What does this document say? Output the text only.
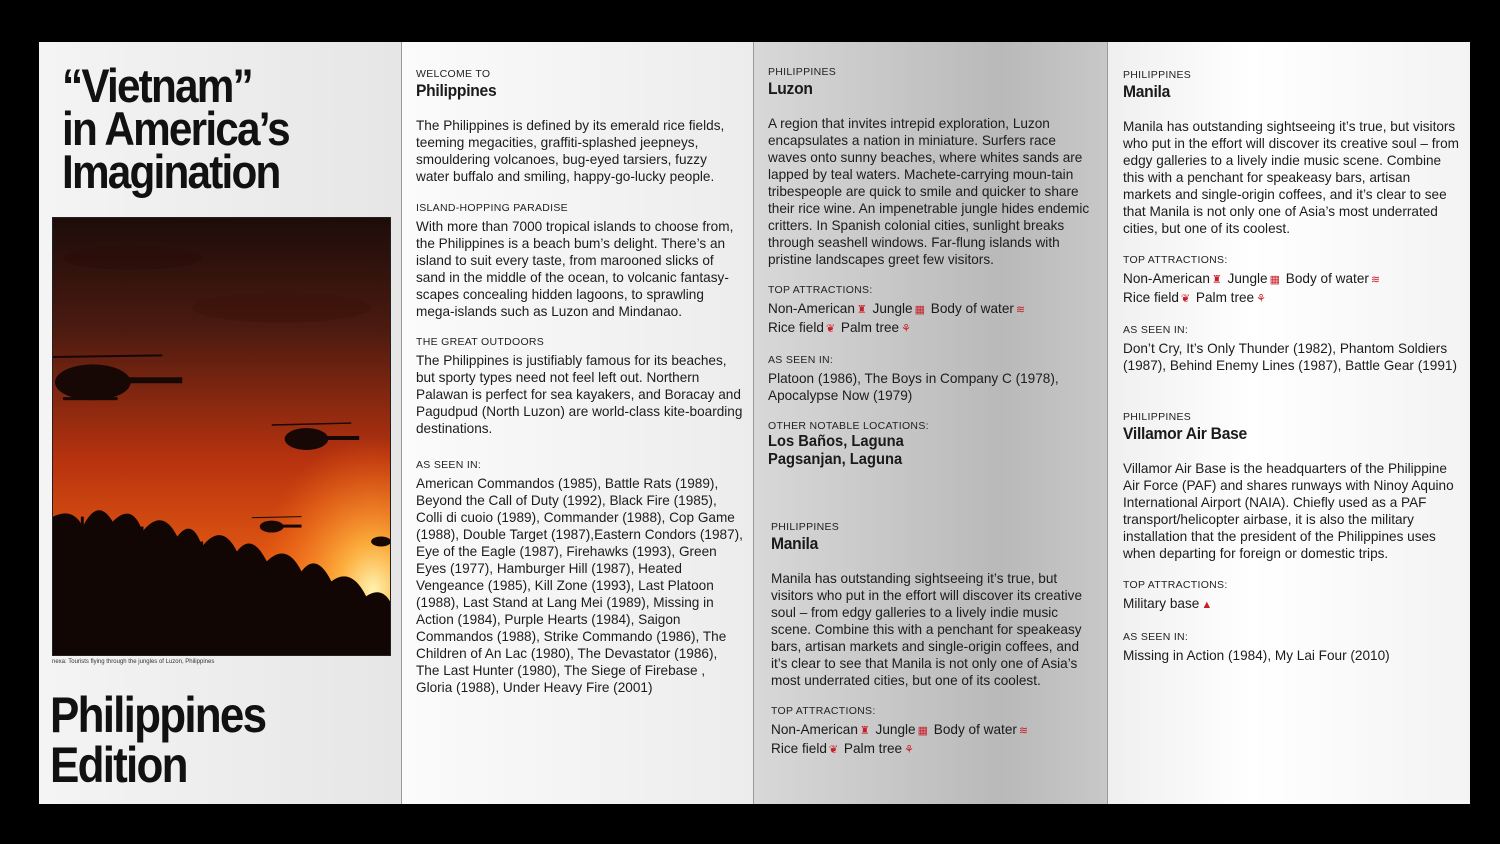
“Vietnam”
in America’s
Imagination
nexa: Tourists flying through the jungles of Luzon, Philippines
Philippines
Edition

WELCOME TO

Philippines

The Philippines is defined by its emerald rice fields, teeming megacities, graffiti-splashed jeepneys, smouldering volcanoes, bug-eyed tarsiers, fuzzy water buffalo and smiling, happy-go-lucky people.

ISLAND-HOPPING PARADISE

With more than 7000 tropical islands to choose from, the Philippines is a beach bum’s delight. There’s an island to suit every taste, from marooned slicks of sand in the middle of the ocean, to volcanic fantasy-scapes concealing hidden lagoons, to sprawling mega-islands such as Luzon and Mindanao.

THE GREAT OUTDOORS

The Philippines is justifiably famous for its beaches, but sporty types need not feel left out. Northern Palawan is perfect for sea kayakers, and Boracay and Pagudpud (North Luzon) are world-class kite-boarding destinations.

AS SEEN IN:

American Commandos (1985), Battle Rats (1989), Beyond the Call of Duty (1992), Black Fire (1985), Colli di cuoio (1989), Commander (1988), Cop Game (1988), Double Target (1987),Eastern Condors (1987), Eye of the Eagle (1987), Firehawks (1993), Green Eyes (1977), Hamburger Hill (1987), Heated Vengeance (1985), Kill Zone (1993), Last Platoon (1988), Last Stand at Lang Mei (1989), Missing in Action (1984), Purple Hearts (1984), Saigon Commandos (1988), Strike Commando (1986), The Children of An Lac (1980), The Devastator (1986), The Last Hunter (1980), The Siege of Firebase , Gloria (1988), Under Heavy Fire (2001)

PHILIPPINES

Luzon

A region that invites intrepid exploration, Luzon encapsulates a nation in miniature. Surfers race waves onto sunny beaches, where whites sands are lapped by teal waters. Machete-carrying moun-tain tribespeople are quick to smile and quicker to share their rice wine. An impenetrable jungle hides endemic critters. In Spanish colonial cities, sunlight breaks through seashell windows. Far-flung islands with pristine landscapes greet few visitors.

TOP ATTRACTIONS:

Non-American ♜ Jungle ▦ Body of water ≋
Rice field ❦ Palm tree ⚘

AS SEEN IN:

Platoon (1986), The Boys in Company C (1978), Apocalypse Now (1979)

OTHER NOTABLE LOCATIONS:

Los Baños, Laguna

Pagsanjan, Laguna

PHILIPPINES

Manila

Manila has outstanding sightseeing it’s true, but visitors who put in the effort will discover its creative soul – from edgy galleries to a lively indie music scene. Combine this with a penchant for speakeasy bars, artisan markets and single-origin coffees, and it’s clear to see that Manila is not only one of Asia’s most underrated cities, but one of its coolest.

TOP ATTRACTIONS:

Non-American ♜ Jungle ▦ Body of water ≋
Rice field ❦ Palm tree ⚘

PHILIPPINES

Manila

Manila has outstanding sightseeing it’s true, but visitors who put in the effort will discover its creative soul – from edgy galleries to a lively indie music scene. Combine this with a penchant for speakeasy bars, artisan markets and single-origin coffees, and it’s clear to see that Manila is not only one of Asia’s most underrated cities, but one of its coolest.

TOP ATTRACTIONS:

Non-American ♜ Jungle ▦ Body of water ≋
Rice field ❦ Palm tree ⚘

AS SEEN IN:

Don’t Cry, It’s Only Thunder (1982), Phantom Soldiers (1987), Behind Enemy Lines (1987), Battle Gear (1991)

PHILIPPINES

Villamor Air Base

Villamor Air Base is the headquarters of the Philippine Air Force (PAF) and shares runways with Ninoy Aquino International Airport (NAIA). Chiefly used as a PAF transport/helicopter airbase, it is also the military installation that the president of the Philippines uses when departing for foreign or domestic trips.

TOP ATTRACTIONS:

Military base ▲

AS SEEN IN:

Missing in Action (1984), My Lai Four (2010)
